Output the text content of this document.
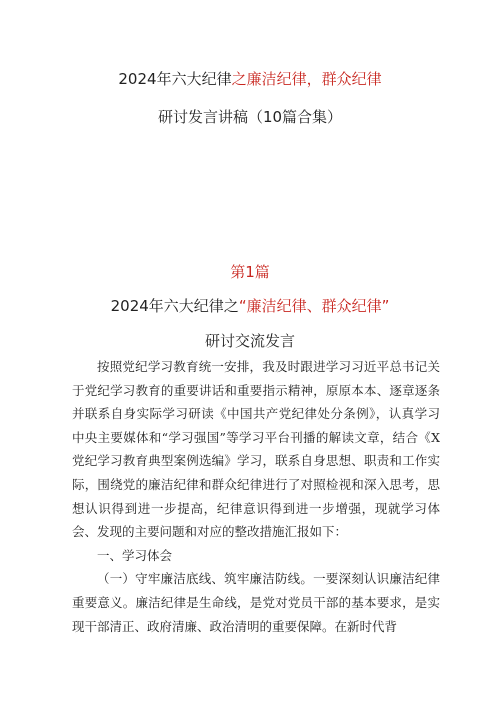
2024年六大纪律之廉洁纪律，群众纪律
研讨发言讲稿（10篇合集）
第1篇
2024年六大纪律之“廉洁纪律、群众纪律”
研讨交流发言

按照党纪学习教育统一安排，我及时跟进学习习近平总书记关于党纪学习教育的重要讲话和重要指示精神，原原本本、逐章逐条并联系自身实际学习研读《中国共产党纪律处分条例》，认真学习中央主要媒体和“学习强国”等学习平台刊播的解读文章，结合《X党纪学习教育典型案例选编》学习，联系自身思想、职责和工作实际，围绕党的廉洁纪律和群众纪律进行了对照检视和深入思考，思想认识得到进一步提高，纪律意识得到进一步增强，现就学习体会、发现的主要问题和对应的整改措施汇报如下：

一、学习体会

（一）守牢廉洁底线、筑牢廉洁防线。一要深刻认识廉洁纪律重要意义。廉洁纪律是生命线，是党对党员干部的基本要求，是实现干部清正、政府清廉、政治清明的重要保障。在新时代背
